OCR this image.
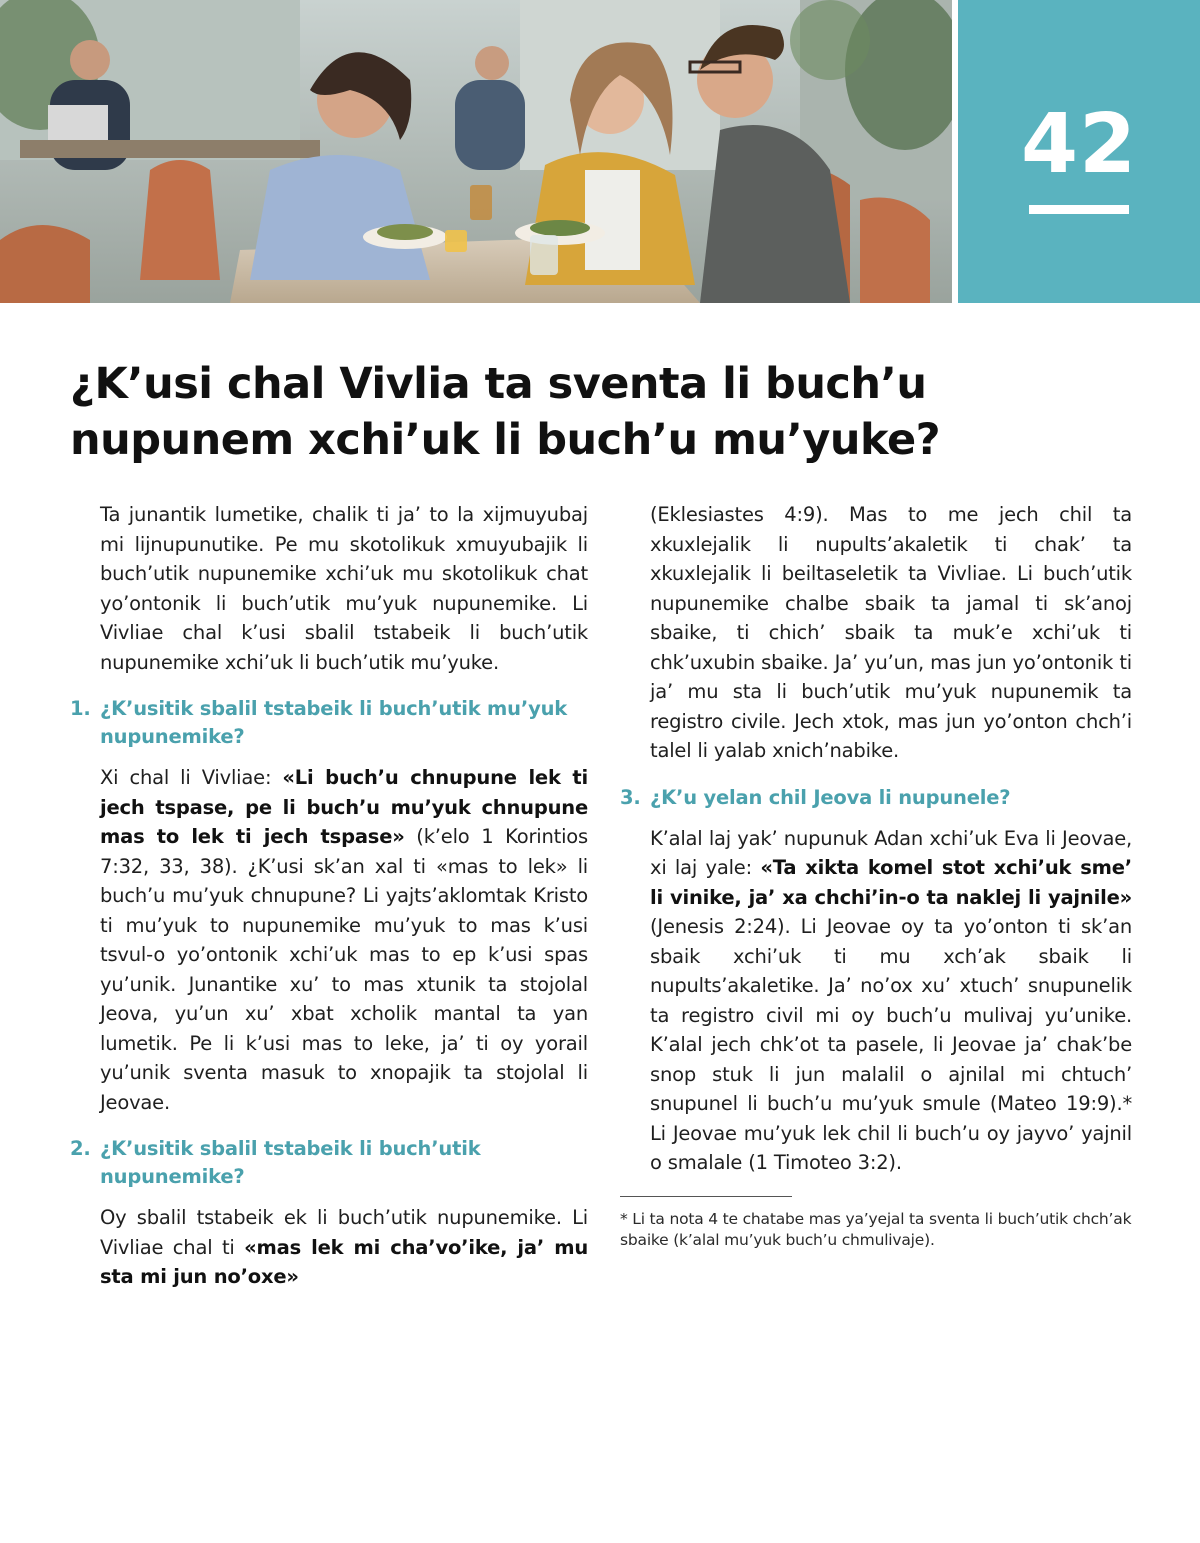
42
¿K’usi chal Vivlia ta sventa li buch’u nupunem xchi’uk li buch’u mu’yuke?

Ta junantik lumetike, chalik ti ja’ to la xijmuyubaj mi lijnupunutike. Pe mu skotolikuk xmuyubajik li buch’utik nupunemike xchi’uk mu skotolikuk chat yo’ontonik li buch’utik mu’yuk nupunemike. Li Vivliae chal k’usi sbalil tstabeik li buch’utik nupunemike xchi’uk li buch’utik mu’yuke.

1. ¿K’usitik sbalil tstabeik li buch’utik mu’yuk nupunemike?

Xi chal li Vivliae: «Li buch’u chnupune lek ti jech tspase, pe li buch’u mu’yuk chnupune mas to lek ti jech tspase» (k’elo 1 Korintios 7:32, 33, 38). ¿K’usi sk’an xal ti «mas to lek» li buch’u mu’yuk chnupune? Li yajts’aklomtak Kristo ti mu’yuk to nupunemike mu’yuk to mas k’usi tsvul-o yo’ontonik xchi’uk mas to ep k’usi spas yu’unik. Junantike xu’ to mas xtunik ta stojolal Jeova, yu’un xu’ xbat xcholik mantal ta yan lumetik. Pe li k’usi mas to leke, ja’ ti oy yorail yu’unik sventa masuk to xnopajik ta stojolal li Jeovae.

2. ¿K’usitik sbalil tstabeik li buch’utik nupunemike?

Oy sbalil tstabeik ek li buch’utik nupunemike. Li Vivliae chal ti «mas lek mi cha’vo’ike, ja’ mu sta mi jun no’oxe»

(Eklesiastes 4:9). Mas to me jech chil ta xkuxlejalik li nupults’akaletik ti chak’ ta xkuxlejalik li beiltaseletik ta Vivliae. Li buch’utik nupunemike chalbe sbaik ta jamal ti sk’anoj sbaike, ti chich’ sbaik ta muk’e xchi’uk ti chk’uxubin sbaike. Ja’ yu’un, mas jun yo’ontonik ti ja’ mu sta li buch’utik mu’yuk nupunemik ta registro civile. Jech xtok, mas jun yo’onton chch’i talel li yalab xnich’nabike.

3. ¿K’u yelan chil Jeova li nupunele?

K’alal laj yak’ nupunuk Adan xchi’uk Eva li Jeovae, xi laj yale: «Ta xikta komel stot xchi’uk sme’ li vinike, ja’ xa chchi’in-o ta naklej li yajnile» (Jenesis 2:24). Li Jeovae oy ta yo’onton ti sk’an sbaik xchi’uk ti mu xch’ak sbaik li nupults’akaletike. Ja’ no’ox xu’ xtuch’ snupunelik ta registro civil mi oy buch’u mulivaj yu’unike. K’alal jech chk’ot ta pasele, li Jeovae ja’ chak’be snop stuk li jun malalil o ajnilal mi chtuch’ snupunel li buch’u mu’yuk smule (Mateo 19:9).* Li Jeovae mu’yuk lek chil li buch’u oy jayvo’ yajnil o smalale (1 Timoteo 3:2).

* Li ta nota 4 te chatabe mas ya’yejal ta sventa li buch’utik chch’ak sbaike (k’alal mu’yuk buch’u chmulivaje).
